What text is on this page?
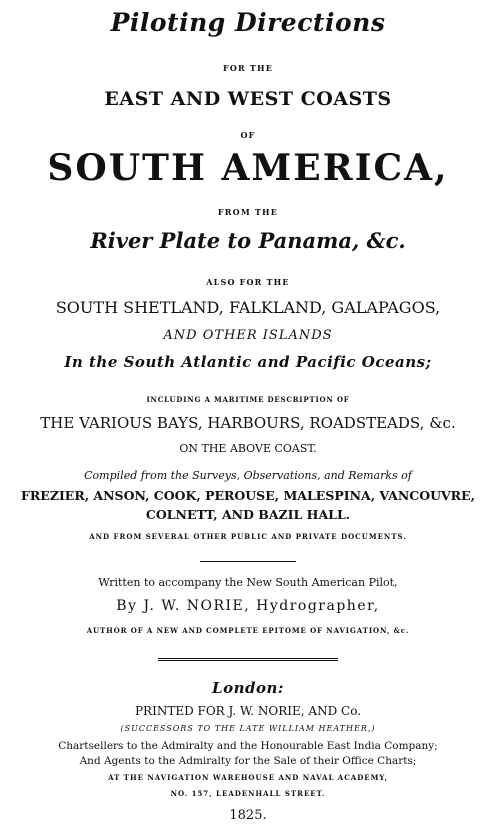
Piloting Directions
FOR THE
EAST AND WEST COASTS
OF
SOUTH AMERICA,
FROM THE
River Plate to Panama, &c.
ALSO FOR THE
SOUTH SHETLAND, FALKLAND, GALAPAGOS,
AND OTHER ISLANDS
In the South Atlantic and Pacific Oceans;
INCLUDING A MARITIME DESCRIPTION OF
THE VARIOUS BAYS, HARBOURS, ROADSTEADS, &c.
ON THE ABOVE COAST.
Compiled from the Surveys, Observations, and Remarks of
FREZIER, ANSON, COOK, PEROUSE, MALESPINA, VANCOUVRE,
COLNETT, AND BAZIL HALL.
AND FROM SEVERAL OTHER PUBLIC AND PRIVATE DOCUMENTS.
Written to accompany the New South American Pilot,
By J. W. NORIE, Hydrographer,
AUTHOR OF A NEW AND COMPLETE EPITOME OF NAVIGATION, &c.
London:
PRINTED FOR J. W. NORIE, AND Co.
(SUCCESSORS TO THE LATE WILLIAM HEATHER,)
Chartsellers to the Admiralty and the Honourable East India Company;
And Agents to the Admiralty for the Sale of their Office Charts;
AT THE NAVIGATION WAREHOUSE AND NAVAL ACADEMY,
NO. 157, LEADENHALL STREET.
1825.
